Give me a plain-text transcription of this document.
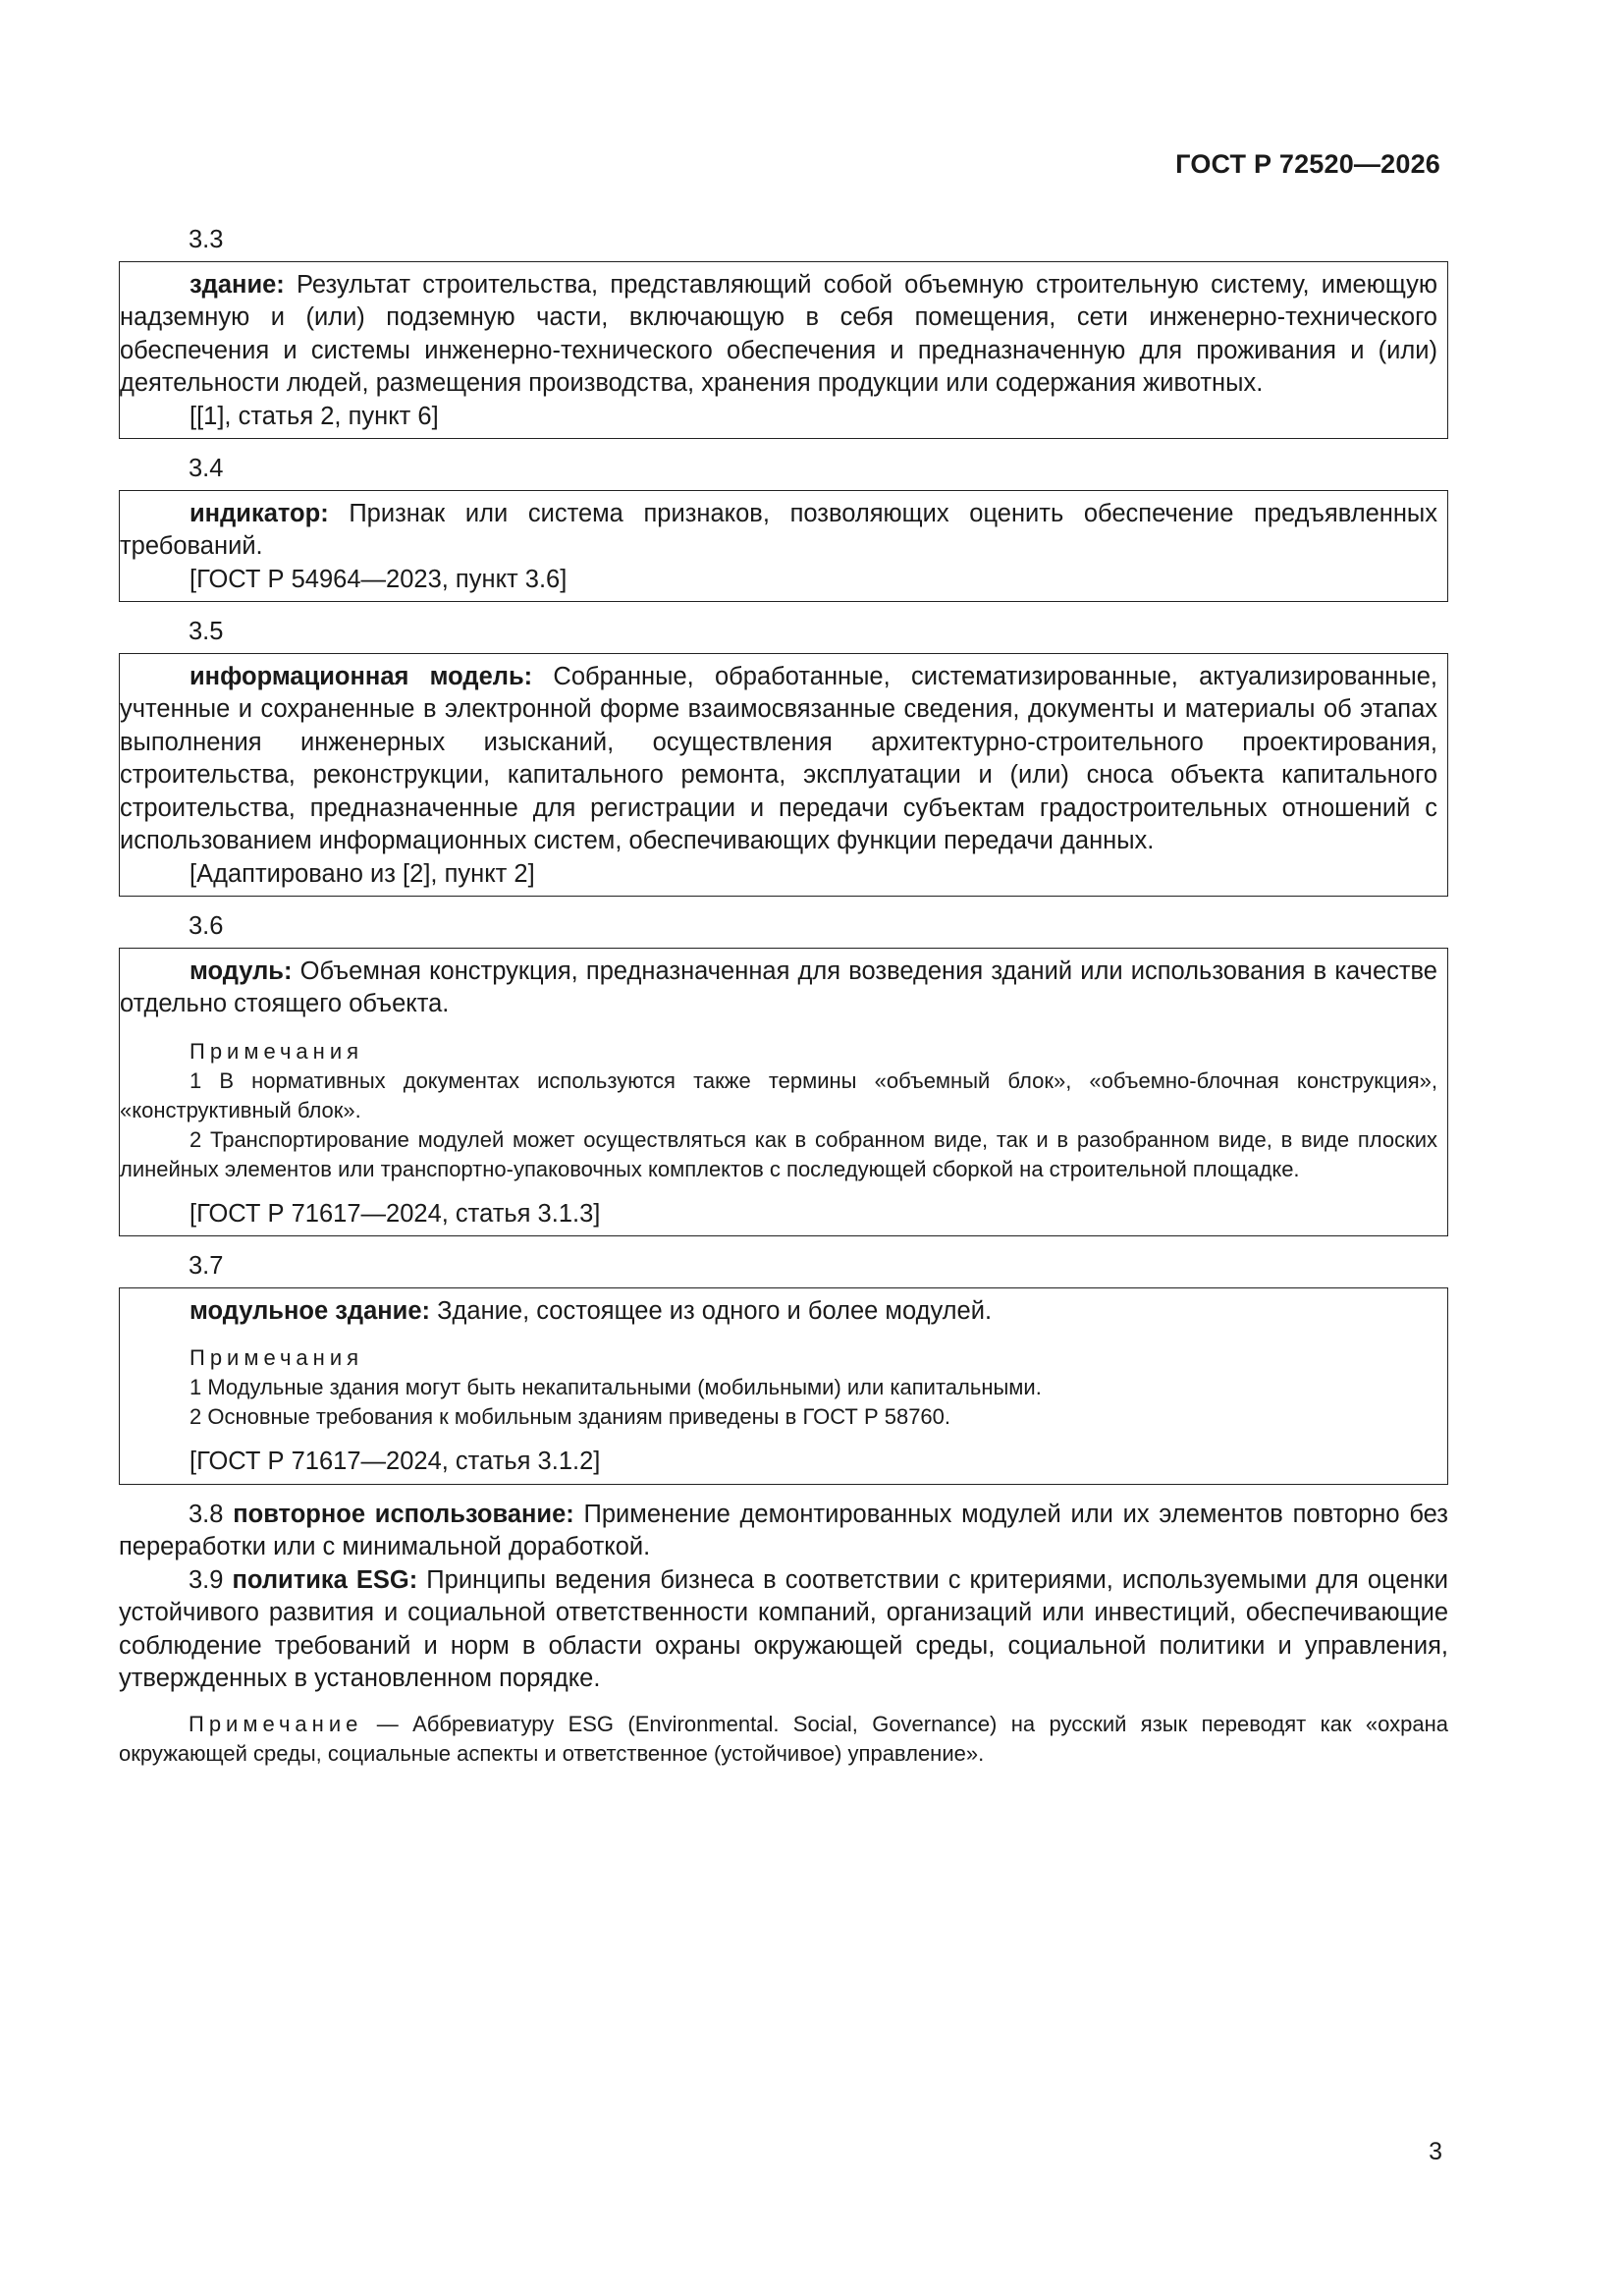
ГОСТ Р 72520—2026
3.3

здание: Результат строительства, представляющий собой объемную строительную систему, имеющую надземную и (или) подземную части, включающую в себя помещения, сети инженерно-технического обеспечения и системы инженерно-технического обеспечения и предназначенную для проживания и (или) деятельности людей, размещения производства, хранения продукции или содержания животных.

[[1], статья 2, пункт 6]
3.4

индикатор: Признак или система признаков, позволяющих оценить обеспечение предъявленных требований.

[ГОСТ Р 54964—2023, пункт 3.6]
3.5

информационная модель: Собранные, обработанные, систематизированные, актуализированные, учтенные и сохраненные в электронной форме взаимосвязанные сведения, документы и материалы об этапах выполнения инженерных изысканий, осуществления архитектурно-строительного проектирования, строительства, реконструкции, капитального ремонта, эксплуатации и (или) сноса объекта капитального строительства, предназначенные для регистрации и передачи субъектам градостроительных отношений с использованием информационных систем, обеспечивающих функции передачи данных.

[Адаптировано из [2], пункт 2]
3.6

модуль: Объемная конструкция, предназначенная для возведения зданий или использования в качестве отдельно стоящего объекта.

Примечания

1 В нормативных документах используются также термины «объемный блок», «объемно-блочная конструкция», «конструктивный блок».

2 Транспортирование модулей может осуществляться как в собранном виде, так и в разобранном виде, в виде плоских линейных элементов или транспортно-упаковочных комплектов с последующей сборкой на строительной площадке.

[ГОСТ Р 71617—2024, статья 3.1.3]
3.7

модульное здание: Здание, состоящее из одного и более модулей.

Примечания

1 Модульные здания могут быть некапитальными (мобильными) или капитальными.

2 Основные требования к мобильным зданиям приведены в ГОСТ Р 58760.

[ГОСТ Р 71617—2024, статья 3.1.2]

3.8 повторное использование: Применение демонтированных модулей или их элементов повторно без переработки или с минимальной доработкой.

3.9 политика ESG: Принципы ведения бизнеса в соответствии с критериями, используемыми для оценки устойчивого развития и социальной ответственности компаний, организаций или инвестиций, обеспечивающие соблюдение требований и норм в области охраны окружающей среды, социальной политики и управления, утвержденных в установленном порядке.

Примечание — Аббревиатуру ESG (Environmental. Social, Governance) на русский язык переводят как «охрана окружающей среды, социальные аспекты и ответственное (устойчивое) управление».

3
